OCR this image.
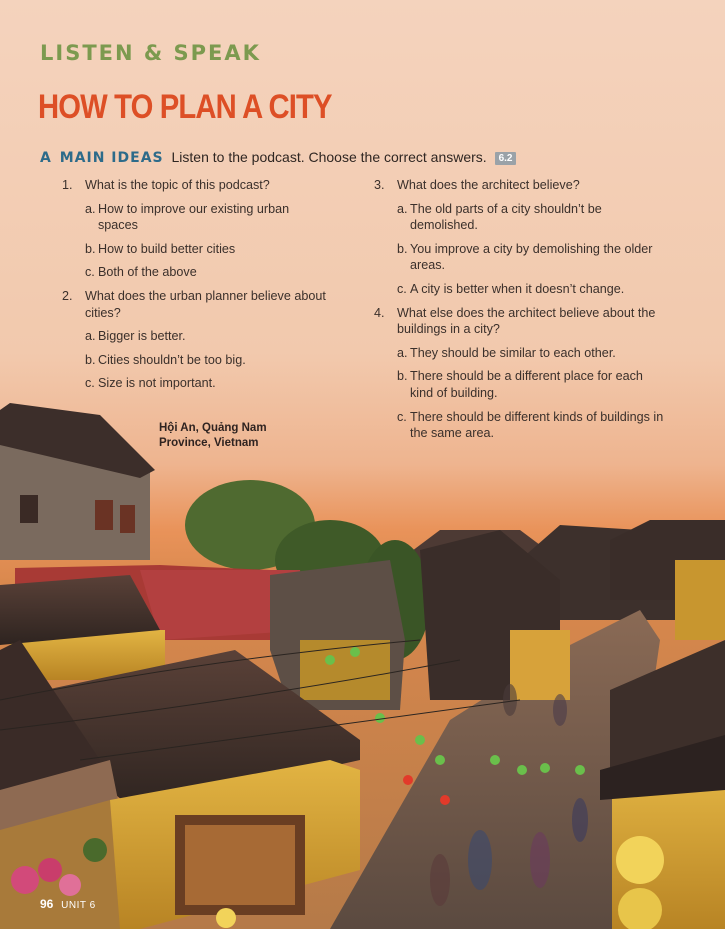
LISTEN & SPEAK
HOW TO PLAN A CITY
A MAIN IDEAS Listen to the podcast. Choose the correct answers. 6.2
1. What is the topic of this podcast?
a. How to improve our existing urban spaces
b. How to build better cities
c. Both of the above
2. What does the urban planner believe about cities?
a. Bigger is better.
b. Cities shouldn’t be too big.
c. Size is not important.
3. What does the architect believe?
a. The old parts of a city shouldn’t be demolished.
b. You improve a city by demolishing the older areas.
c. A city is better when it doesn’t change.
4. What else does the architect believe about the buildings in a city?
a. They should be similar to each other.
b. There should be a different place for each kind of building.
c. There should be different kinds of buildings in the same area.
Hội An, Quảng Nam Province, Vietnam
96 UNIT 6
